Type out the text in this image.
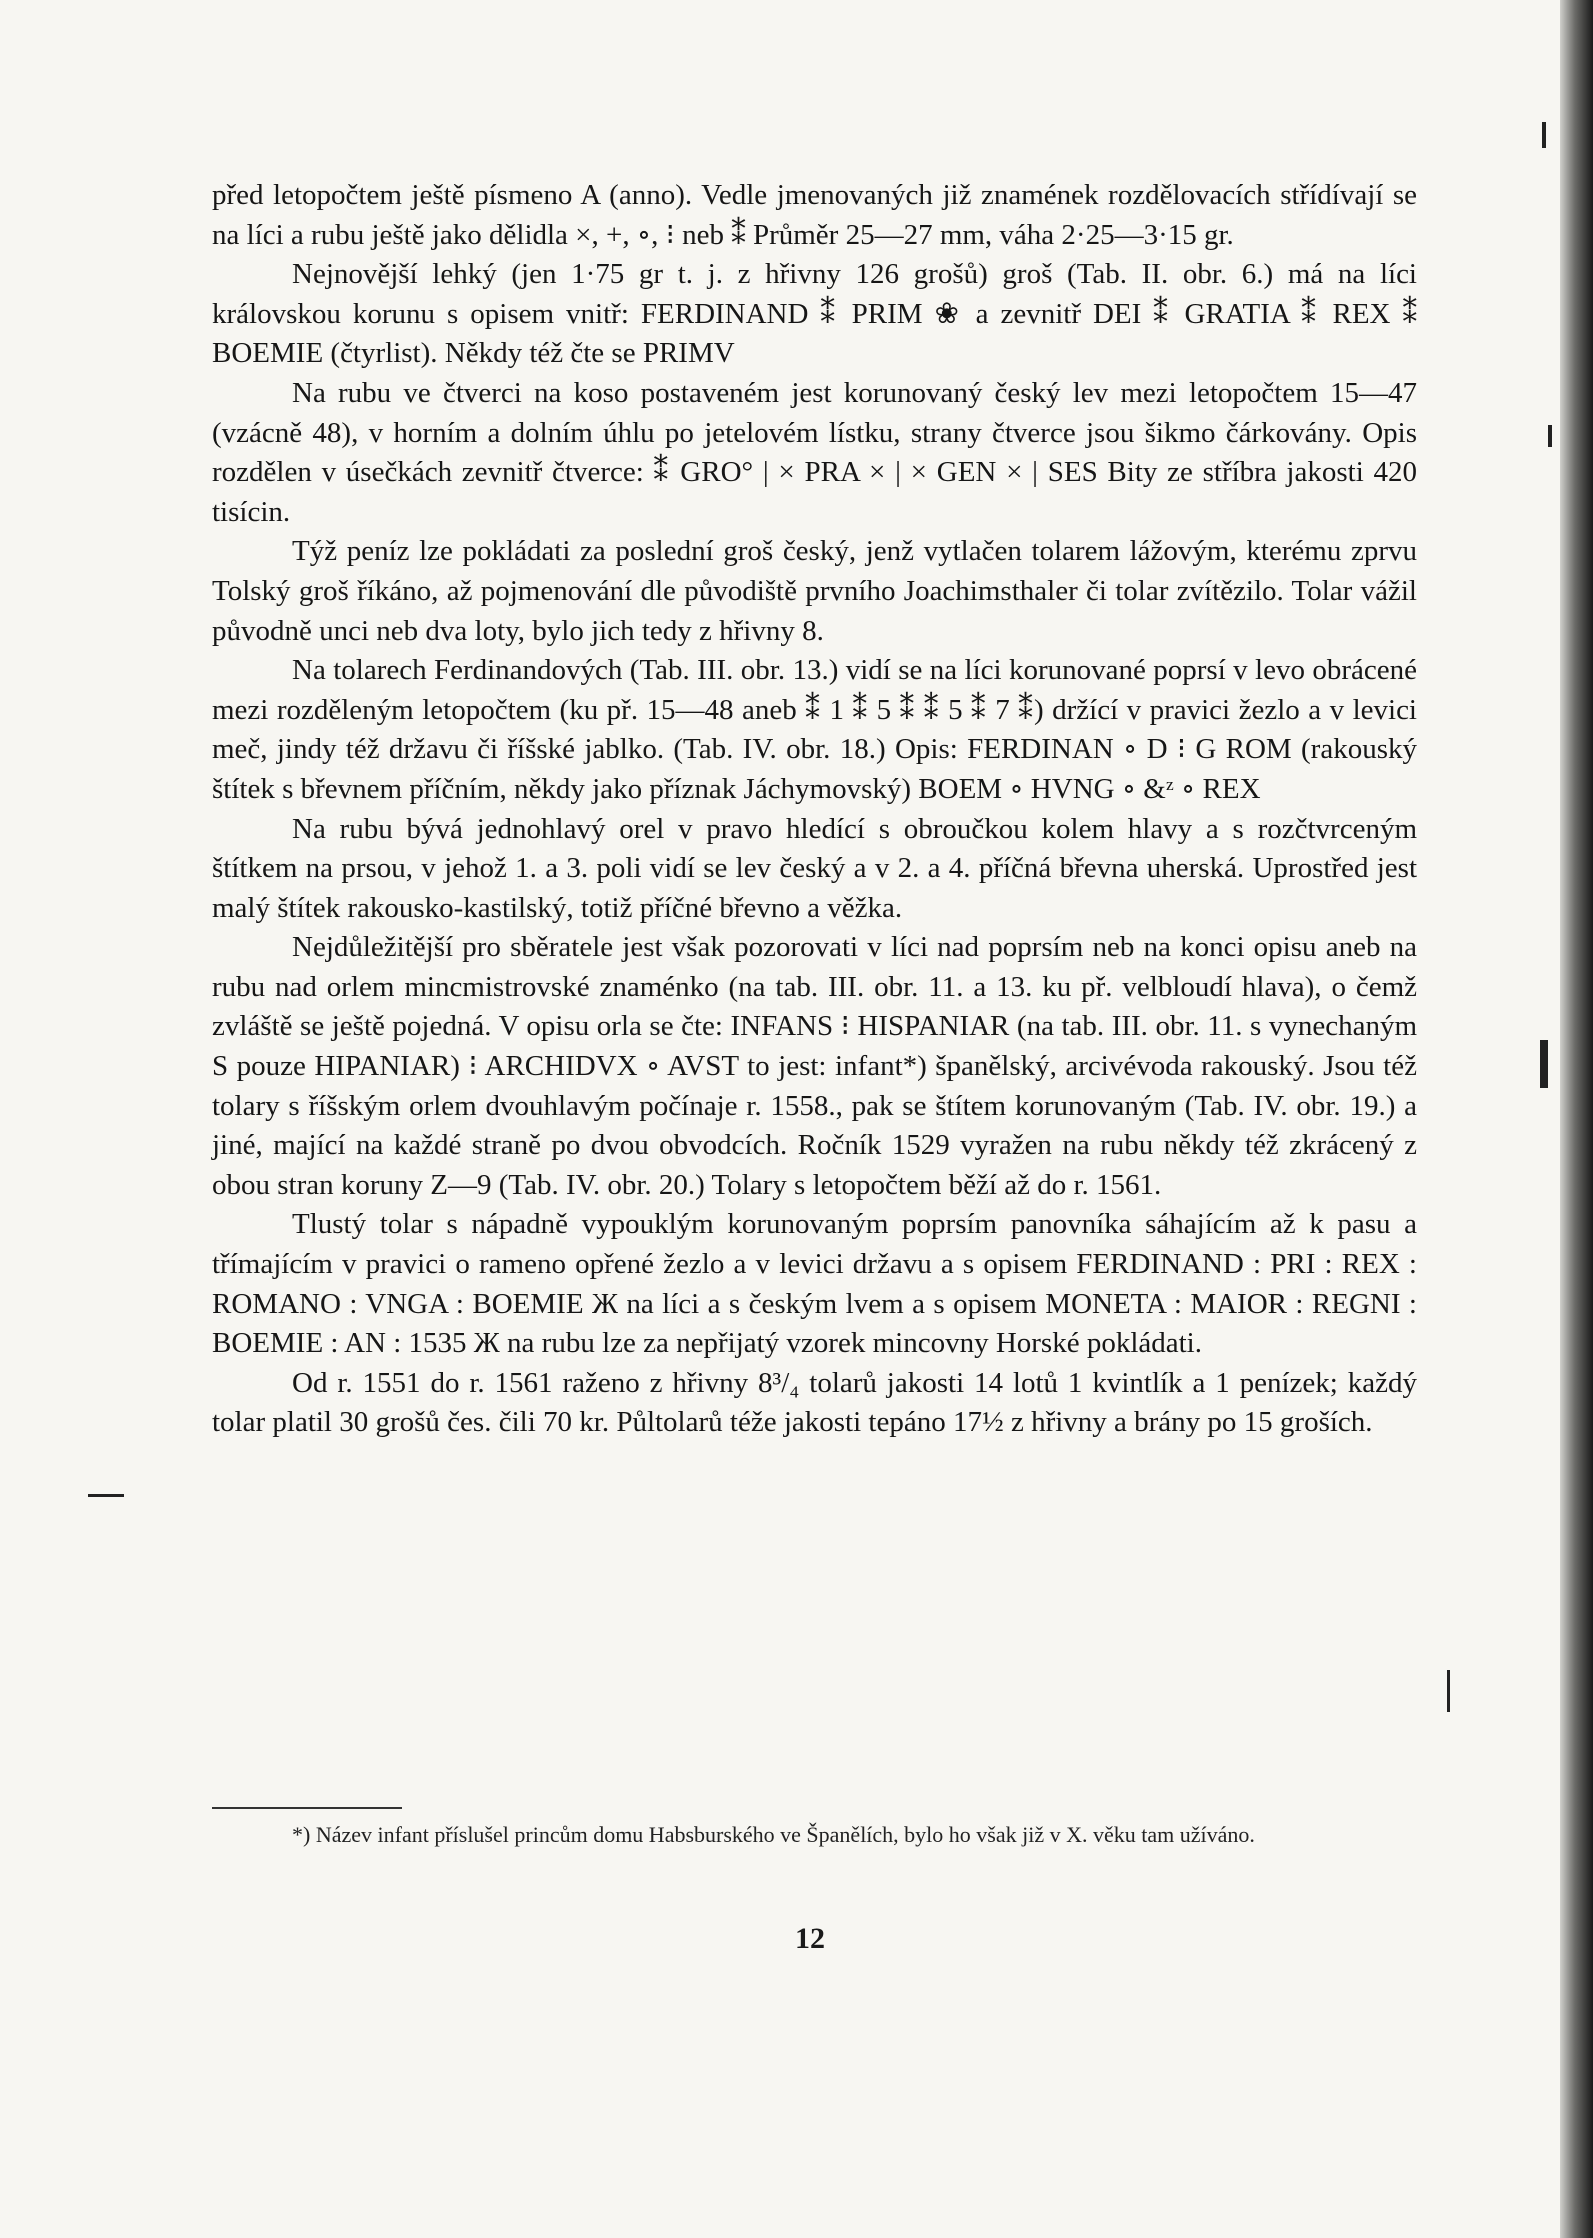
před letopočtem ještě písmeno A (anno). Vedle jmenovaných již znamének rozdělovacích střídívají se na líci a rubu ještě jako dělidla ×, +, ∘, ⁝ neb ⁑ Průměr 25—27 mm, váha 2·25—3·15 gr.

Nejnovější lehký (jen 1·75 gr t. j. z hřivny 126 grošů) groš (Tab. II. obr. 6.) má na líci královskou korunu s opisem vnitř: FERDINAND ⁑ PRIM ❀ a zevnitř DEI ⁑ GRATIA ⁑ REX ⁑ BOEMIE (čtyrlist). Někdy též čte se PRIMV

Na rubu ve čtverci na koso postaveném jest korunovaný český lev mezi letopočtem 15—47 (vzácně 48), v horním a dolním úhlu po jetelovém lístku, strany čtverce jsou šikmo čárkovány. Opis rozdělen v úsečkách zevnitř čtverce: ⁑ GRO° | × PRA × | × GEN × | SES Bity ze stříbra jakosti 420 tisícin.

Týž peníz lze pokládati za poslední groš český, jenž vytlačen tolarem lážovým, kterému zprvu Tolský groš říkáno, až pojmenování dle původiště prvního Joachimsthaler či tolar zvítězilo. Tolar vážil původně unci neb dva loty, bylo jich tedy z hřivny 8.

Na tolarech Ferdinandových (Tab. III. obr. 13.) vidí se na líci korunované poprsí v levo obrácené mezi rozděleným letopočtem (ku př. 15—48 aneb ⁑ 1 ⁑ 5 ⁑ ⁑ 5 ⁑ 7 ⁑) držící v pravici žezlo a v levici meč, jindy též državu či říšské jablko. (Tab. IV. obr. 18.) Opis: FERDINAN ∘ D ⁝ G ROM (rakouský štítek s břevnem příčním, někdy jako příznak Jáchymovský) BOEM ∘ HVNG ∘ &ᶻ ∘ REX

Na rubu bývá jednohlavý orel v pravo hledící s obroučkou kolem hlavy a s rozčtvrceným štítkem na prsou, v jehož 1. a 3. poli vidí se lev český a v 2. a 4. příčná břevna uherská. Uprostřed jest malý štítek rakousko-kastilský, totiž příčné břevno a věžka.

Nejdůležitější pro sběratele jest však pozorovati v líci nad poprsím neb na konci opisu aneb na rubu nad orlem mincmistrovské znaménko (na tab. III. obr. 11. a 13. ku př. velbloudí hlava), o čemž zvláště se ještě pojedná. V opisu orla se čte: INFANS ⁝ HISPANIAR (na tab. III. obr. 11. s vynechaným S pouze HIPANIAR) ⁝ ARCHIDVX ∘ AVST to jest: infant*) španělský, arcivévoda rakouský. Jsou též tolary s říšským orlem dvouhlavým počínaje r. 1558., pak se štítem korunovaným (Tab. IV. obr. 19.) a jiné, mající na každé straně po dvou obvodcích. Ročník 1529 vyražen na rubu někdy též zkrácený z obou stran koruny Z—9 (Tab. IV. obr. 20.) Tolary s letopočtem běží až do r. 1561.

Tlustý tolar s nápadně vypouklým korunovaným poprsím panovníka sáhajícím až k pasu a třímajícím v pravici o rameno opřené žezlo a v levici državu a s opisem FERDINAND : PRI : REX : ROMANO : VNGA : BOEMIE Ж na líci a s českým lvem a s opisem MONETA : MAIOR : REGNI : BOEMIE : AN : 1535 Ж na rubu lze za nepřijatý vzorek mincovny Horské pokládati.

Od r. 1551 do r. 1561 raženo z hřivny 8³/₄ tolarů jakosti 14 lotů 1 kvintlík a 1 penízek; každý tolar platil 30 grošů čes. čili 70 kr. Půltolarů téže jakosti tepáno 17½ z hřivny a brány po 15 groších.

*) Název infant příslušel princům domu Habsburského ve Španělích, bylo ho však již v X. věku tam užíváno.
12
